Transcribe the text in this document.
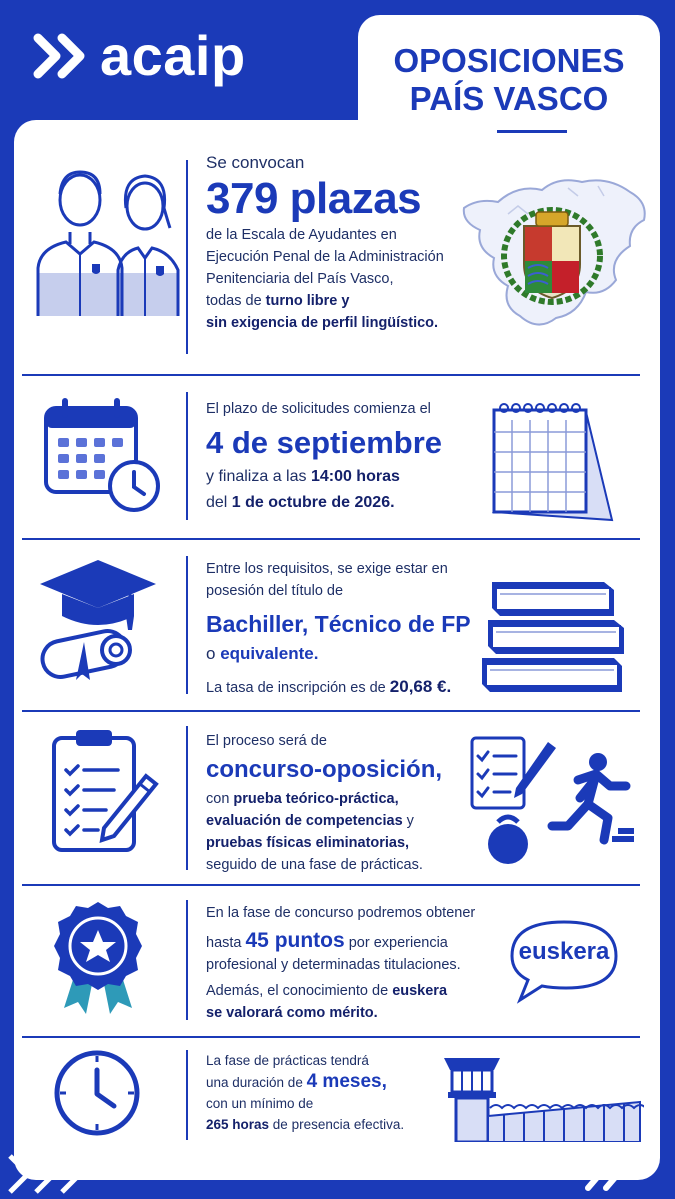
acaip	OPOSICIONES
PAÍS VASCO
Se convocan
379 plazas
de la Escala de Ayudantes en
Ejecución Penal de la Administración
Penitenciaria del País Vasco,
todas de turno libre y
sin exigencia de perfil lingüístico.
El plazo de solicitudes comienza el
4 de septiembre
y finaliza a las 14:00 horas
del 1 de octubre de 2026.
Entre los requisitos, se exige estar en
posesión del título de
Bachiller, Técnico de FP
o equivalente.
La tasa de inscripción es de 20,68 €.
El proceso será de
concurso-oposición,
con prueba teórico-práctica,
evaluación de competencias y
pruebas físicas eliminatorias,
seguido de una fase de prácticas.
En la fase de concurso podremos obtener
hasta 45 puntos por experiencia
profesional y determinadas titulaciones.
Además, el conocimiento de euskera
se valorará como mérito.
euskera
La fase de prácticas tendrá
una duración de 4 meses,
con un mínimo de
265 horas de presencia efectiva.
